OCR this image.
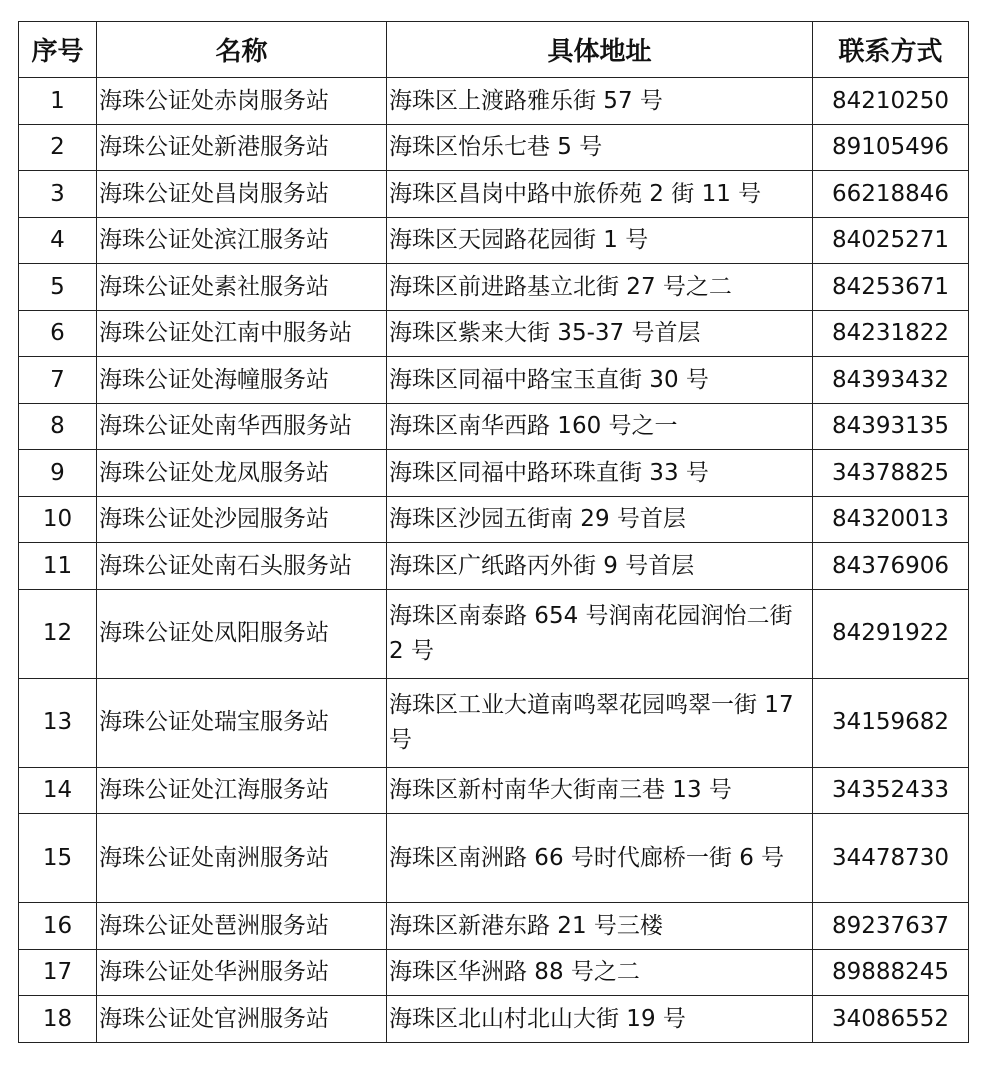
序号	名称	具体地址	联系方式
1	海珠公证处赤岗服务站	海珠区上渡路雅乐街 57 号	84210250
2	海珠公证处新港服务站	海珠区怡乐七巷 5 号	89105496
3	海珠公证处昌岗服务站	海珠区昌岗中路中旅侨苑 2 街 11 号	66218846
4	海珠公证处滨江服务站	海珠区天园路花园街 1 号	84025271
5	海珠公证处素社服务站	海珠区前进路基立北街 27 号之二	84253671
6	海珠公证处江南中服务站	海珠区紫来大街 35-37 号首层	84231822
7	海珠公证处海幢服务站	海珠区同福中路宝玉直街 30 号	84393432
8	海珠公证处南华西服务站	海珠区南华西路 160 号之一	84393135
9	海珠公证处龙凤服务站	海珠区同福中路环珠直街 33 号	34378825
10	海珠公证处沙园服务站	海珠区沙园五街南 29 号首层	84320013
11	海珠公证处南石头服务站	海珠区广纸路丙外街 9 号首层	84376906
12	海珠公证处凤阳服务站	海珠区南泰路 654 号润南花园润怡二街 2 号	84291922
13	海珠公证处瑞宝服务站	海珠区工业大道南鸣翠花园鸣翠一街 17 号	34159682
14	海珠公证处江海服务站	海珠区新村南华大街南三巷 13 号	34352433
15	海珠公证处南洲服务站	海珠区南洲路 66 号时代廊桥一街 6 号	34478730
16	海珠公证处琶洲服务站	海珠区新港东路 21 号三楼	89237637
17	海珠公证处华洲服务站	海珠区华洲路 88 号之二	89888245
18	海珠公证处官洲服务站	海珠区北山村北山大街 19 号	34086552
